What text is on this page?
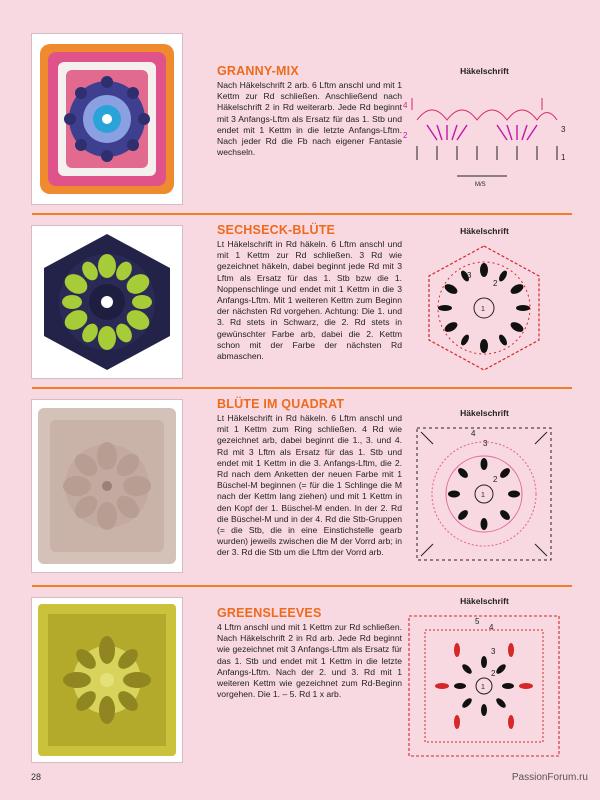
GRANNY-MIX

Nach Häkelschrift 2 arb. 6 Lftm anschl und mit 1 Kettm zur Rd schließen. Anschließend nach Häkelschrift 2 in Rd weiterarb. Jede Rd beginnt mit 3 Anfangs-Lftm als Ersatz für das 1. Stb und endet mit 1 Kettm in die letzte Anfangs-Lftm. Nach jeder Rd die Fb nach eigener Fantasie wechseln.

Häkelschrift
4
3
2
1
M/S
SECHSECK-BLÜTE

Lt Häkelschrift in Rd häkeln. 6 Lftm anschl und mit 1 Kettm zur Rd schließen. 3 Rd wie gezeichnet häkeln, dabei beginnt jede Rd mit 3 Lftm als Ersatz für das 1. Stb bzw die 1. Noppenschlinge und endet mit 1 Kettm in die 3 Anfangs-Lftm. Mit 1 weiteren Kettm zum Beginn der nächsten Rd vorgehen. Achtung: Die 1. und 3. Rd stets in Schwarz, die 2. Rd stets in gewünschter Farbe arb, dabei die 2. Kettm schon mit der Farbe der nächsten Rd abmaschen.

Häkelschrift
3
2
1
BLÜTE IM QUADRAT

Lt Häkelschrift in Rd häkeln. 6 Lftm anschl und mit 1 Kettm zum Ring schließen. 4 Rd wie gezeichnet arb, dabei beginnt die 1., 3. und 4. Rd mit 3 Lftm als Ersatz für das 1. Stb und endet mit 1 Kettm in die 3. Anfangs-Lftm, die 2. Rd nach dem Anketten der neuen Farbe mit 1 Büschel-M beginnen (= für die 1 Schlinge die M nach der Kettm lang ziehen) und mit 1 Kettm in den Kopf der 1. Büschel-M enden. In der 2. Rd die Büschel-M und in der 4. Rd die Stb-Gruppen (= die Stb, die in eine Einstichstelle gearb wurden) jeweils zwischen die M der Vorrd arb; in der 3. Rd die Stb um die Lftm der Vorrd arb.

Häkelschrift
4
3
2
1
GREENSLEEVES

4 Lftm anschl und mit 1 Kettm zur Rd schließen. Nach Häkelschrift 2 in Rd arb. Jede Rd beginnt wie gezeichnet mit 3 Anfangs-Lftm als Ersatz für das 1. Stb und endet mit 1 Kettm in die letzte Anfangs-Lftm. Nach der 2. und 3. Rd mit 1 weiteren Kettm wie gezeichnet zum Rd-Beginn vorgehen. Die 1. – 5. Rd 1 x arb.

Häkelschrift
5
4
3
2
1
28	PassionForum.ru
